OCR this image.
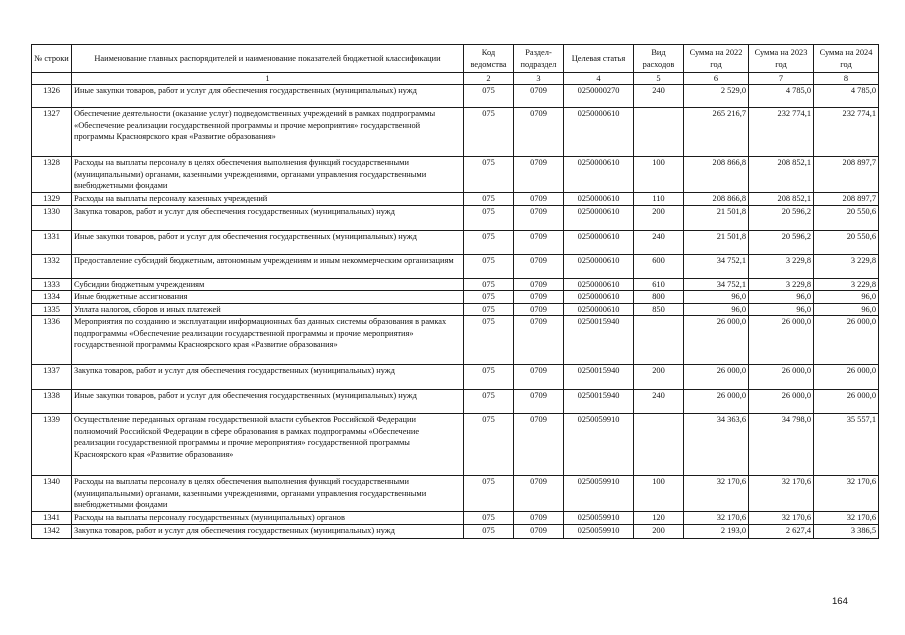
№ строки	Наименование главных распорядителей и наименование показателей бюджетной классификации	Код ведомства	Раздел-подраздел	Целевая статья	Вид расходов	Сумма на 2022 год	Сумма на 2023 год	Сумма на 2024 год
	1	2	3	4	5	6	7	8
1326	Иные закупки товаров, работ и услуг для обеспечения государственных (муниципальных) нужд	075	0709	0250000270	240	2 529,0	4 785,0	4 785,0
1327	Обеспечение деятельности (оказание услуг) подведомственных учреждений в рамках подпрограммы «Обеспечение реализации государственной программы и прочие мероприятия» государственной программы Красноярского края «Развитие образования»	075	0709	0250000610		265 216,7	232 774,1	232 774,1
1328	Расходы на выплаты персоналу в целях обеспечения выполнения функций государственными (муниципальными) органами, казенными учреждениями, органами управления государственными внебюджетными фондами	075	0709	0250000610	100	208 866,8	208 852,1	208 897,7
1329	Расходы на выплаты персоналу казенных учреждений	075	0709	0250000610	110	208 866,8	208 852,1	208 897,7
1330	Закупка товаров, работ и услуг для обеспечения государственных (муниципальных) нужд	075	0709	0250000610	200	21 501,8	20 596,2	20 550,6
1331	Иные закупки товаров, работ и услуг для обеспечения государственных (муниципальных) нужд	075	0709	0250000610	240	21 501,8	20 596,2	20 550,6
1332	Предоставление субсидий бюджетным, автономным учреждениям и иным некоммерческим организациям	075	0709	0250000610	600	34 752,1	3 229,8	3 229,8
1333	Субсидии бюджетным учреждениям	075	0709	0250000610	610	34 752,1	3 229,8	3 229,8
1334	Иные бюджетные ассигнования	075	0709	0250000610	800	96,0	96,0	96,0
1335	Уплата налогов, сборов и иных платежей	075	0709	0250000610	850	96,0	96,0	96,0
1336	Мероприятия по созданию и эксплуатации информационных баз данных системы образования в рамках подпрограммы «Обеспечение реализации государственной программы и прочие мероприятия» государственной программы Красноярского края «Развитие образования»	075	0709	0250015940		26 000,0	26 000,0	26 000,0
1337	Закупка товаров, работ и услуг для обеспечения государственных (муниципальных) нужд	075	0709	0250015940	200	26 000,0	26 000,0	26 000,0
1338	Иные закупки товаров, работ и услуг для обеспечения государственных (муниципальных) нужд	075	0709	0250015940	240	26 000,0	26 000,0	26 000,0
1339	Осуществление переданных органам государственной власти субъектов Российской Федерации полномочий Российской Федерации в сфере образования в рамках подпрограммы «Обеспечение реализации государственной программы и прочие мероприятия» государственной программы Красноярского края «Развитие образования»	075	0709	0250059910		34 363,6	34 798,0	35 557,1
1340	Расходы на выплаты персоналу в целях обеспечения выполнения функций государственными (муниципальными) органами, казенными учреждениями, органами управления государственными внебюджетными фондами	075	0709	0250059910	100	32 170,6	32 170,6	32 170,6
1341	Расходы на выплаты персоналу государственных (муниципальных) органов	075	0709	0250059910	120	32 170,6	32 170,6	32 170,6
1342	Закупка товаров, работ и услуг для обеспечения государственных (муниципальных) нужд	075	0709	0250059910	200	2 193,0	2 627,4	3 386,5
164
